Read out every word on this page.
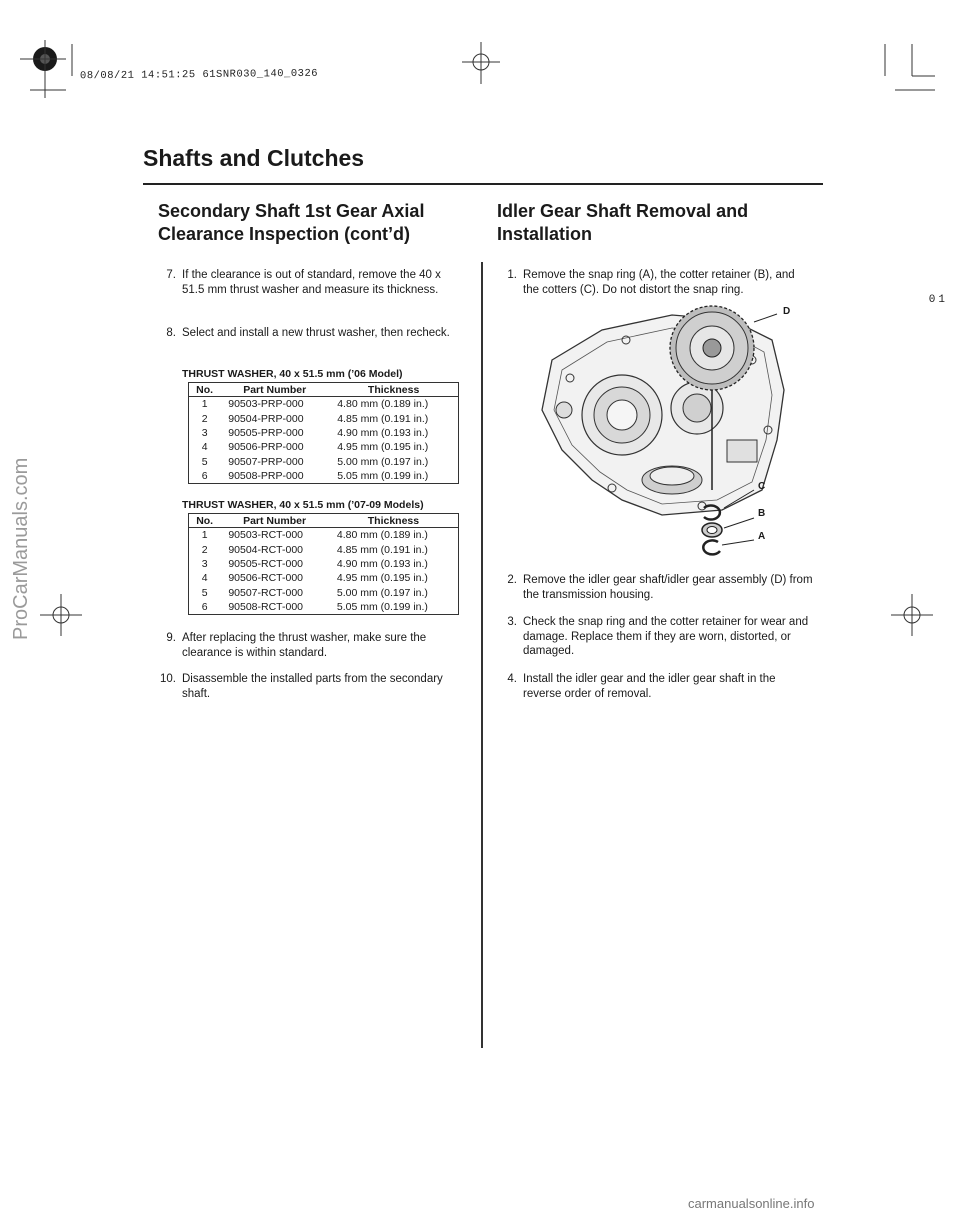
08/08/21 14:51:25 61SNR030_140_0326
Shafts and Clutches
Secondary Shaft 1st Gear Axial
Clearance Inspection (cont’d)
Idler Gear Shaft Removal and
Installation
7. If the clearance is out of standard, remove the 40 x 51.5 mm thrust washer and measure its thickness.
8. Select and install a new thrust washer, then recheck.
9. After replacing the thrust washer, make sure the clearance is within standard.
10. Disassemble the installed parts from the secondary shaft.
THRUST WASHER, 40 x 51.5 mm (’06 Model)
No.	Part Number	Thickness
1	90503-PRP-000	4.80 mm (0.189 in.)
2	90504-PRP-000	4.85 mm (0.191 in.)
3	90505-PRP-000	4.90 mm (0.193 in.)
4	90506-PRP-000	4.95 mm (0.195 in.)
5	90507-PRP-000	5.00 mm (0.197 in.)
6	90508-PRP-000	5.05 mm (0.199 in.)
THRUST WASHER, 40 x 51.5 mm (’07-09 Models)
No.	Part Number	Thickness
1	90503-RCT-000	4.80 mm (0.189 in.)
2	90504-RCT-000	4.85 mm (0.191 in.)
3	90505-RCT-000	4.90 mm (0.193 in.)
4	90506-RCT-000	4.95 mm (0.195 in.)
5	90507-RCT-000	5.00 mm (0.197 in.)
6	90508-RCT-000	5.05 mm (0.199 in.)
1. Remove the snap ring (A), the cotter retainer (B), and the cotters (C). Do not distort the snap ring.
2. Remove the idler gear shaft/idler gear assembly (D) from the transmission housing.
3. Check the snap ring and the cotter retainer for wear and damage. Replace them if they are worn, distorted, or damaged.
4. Install the idler gear and the idler gear shaft in the reverse order of removal.
D
C
B
A
01
ProCarManuals.com
carmanualsonline.info
